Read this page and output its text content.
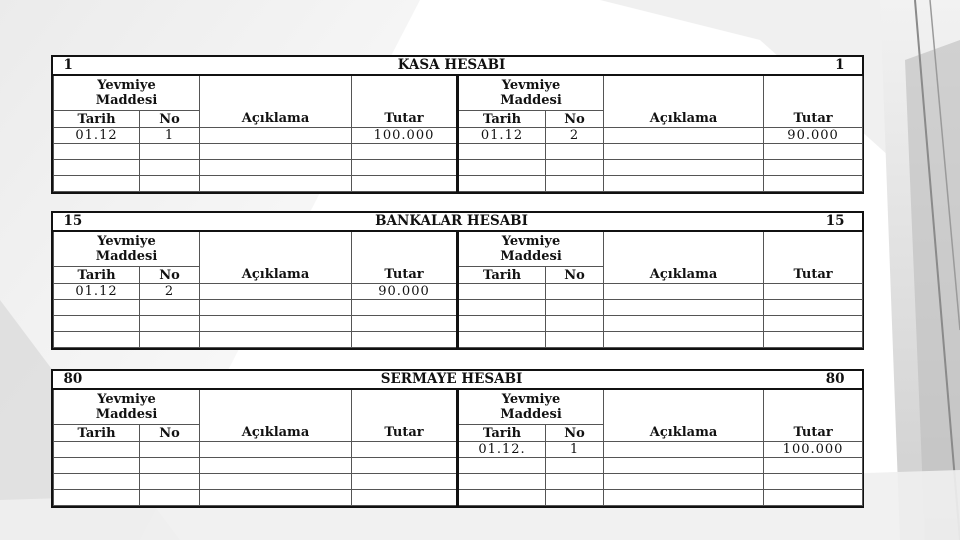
1	KASA HESABI						1
Yevmiye Maddesi		Açıklama	Tutar	Yevmiye Maddesi		Açıklama	Tutar
Tarih	No			Tarih	No		
01.12	1		100.000	01.12	2		90.000

15	BANKALAR HESABI						15
Yevmiye Maddesi		Açıklama	Tutar	Yevmiye Maddesi		Açıklama	Tutar
Tarih	No			Tarih	No		
01.12	2		90.000				

80	SERMAYE HESABI						80
Yevmiye Maddesi		Açıklama	Tutar	Yevmiye Maddesi		Açıklama	Tutar
Tarih	No			Tarih	No		
				01.12.	1		100.000
